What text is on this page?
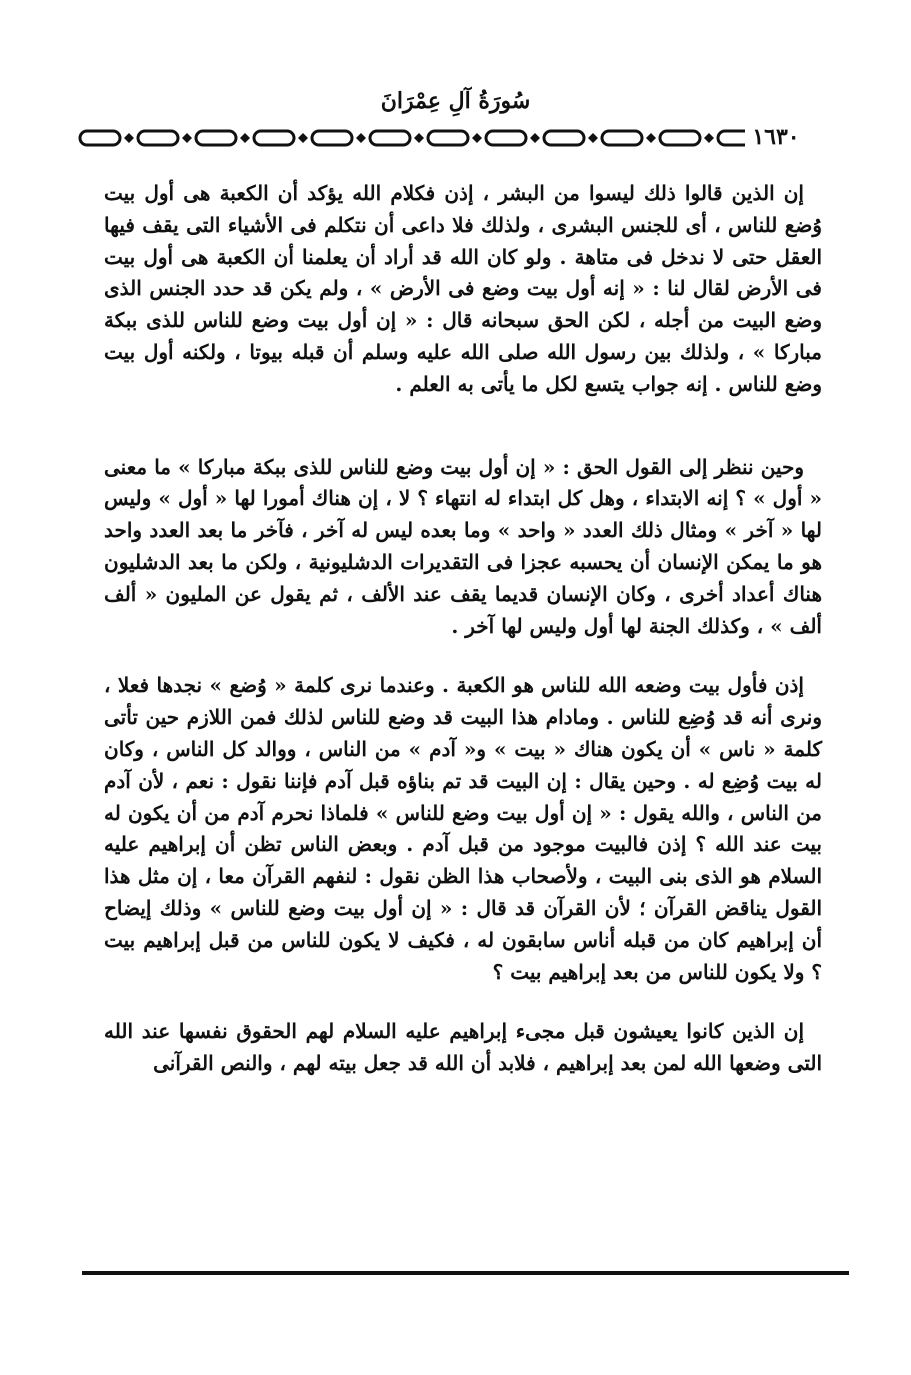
سُورَةُ آلِ عِمْرَانَ
١٦٣٠

إن الذين قالوا ذلك ليسوا من البشر ، إذن فكلام الله يؤكد أن الكعبة هى أول بيت وُضع للناس ، أى للجنس البشرى ، ولذلك فلا داعى أن نتكلم فى الأشياء التى يقف فيها العقل حتى لا ندخل فى متاهة . ولو كان الله قد أراد أن يعلمنا أن الكعبة هى أول بيت فى الأرض لقال لنا : « إنه أول بيت وضع فى الأرض » ، ولم يكن قد حدد الجنس الذى وضع البيت من أجله ، لكن الحق سبحانه قال : « إن أول بيت وضع للناس للذى ببكة مباركا » ، ولذلك بين رسول الله صلى الله عليه وسلم أن قبله بيوتا ، ولكنه أول بيت وضع للناس . إنه جواب يتسع لكل ما يأتى به العلم .

وحين ننظر إلى القول الحق : « إن أول بيت وضع للناس للذى ببكة مباركا » ما معنى « أول » ؟ إنه الابتداء ، وهل كل ابتداء له انتهاء ؟ لا ، إن هناك أمورا لها « أول » وليس لها « آخر » ومثال ذلك العدد « واحد » وما بعده ليس له آخر ، فآخر ما بعد العدد واحد هو ما يمكن الإنسان أن يحسبه عجزا فى التقديرات الدشليونية ، ولكن ما بعد الدشليون هناك أعداد أخرى ، وكان الإنسان قديما يقف عند الألف ، ثم يقول عن المليون « ألف ألف » ، وكذلك الجنة لها أول وليس لها آخر .

إذن فأول بيت وضعه الله للناس هو الكعبة . وعندما نرى كلمة « وُضع » نجدها فعلا ، ونرى أنه قد وُضِع للناس . ومادام هذا البيت قد وضع للناس لذلك فمن اللازم حين تأتى كلمة « ناس » أن يكون هناك « بيت » و« آدم » من الناس ، ووالد كل الناس ، وكان له بيت وُضِع له . وحين يقال : إن البيت قد تم بناؤه قبل آدم فإننا نقول : نعم ، لأن آدم من الناس ، والله يقول : « إن أول بيت وضع للناس » فلماذا نحرم آدم من أن يكون له بيت عند الله ؟ إذن فالبيت موجود من قبل آدم . وبعض الناس تظن أن إبراهيم عليه السلام هو الذى بنى البيت ، ولأصحاب هذا الظن نقول : لنفهم القرآن معا ، إن مثل هذا القول يناقض القرآن ؛ لأن القرآن قد قال : « إن أول بيت وضع للناس » وذلك إيضاح أن إبراهيم كان من قبله أناس سابقون له ، فكيف لا يكون للناس من قبل إبراهيم بيت ؟ ولا يكون للناس من بعد إبراهيم بيت ؟

إن الذين كانوا يعيشون قبل مجىء إبراهيم عليه السلام لهم الحقوق نفسها عند الله التى وضعها الله لمن بعد إبراهيم ، فلابد أن الله قد جعل بيته لهم ، والنص القرآنى
